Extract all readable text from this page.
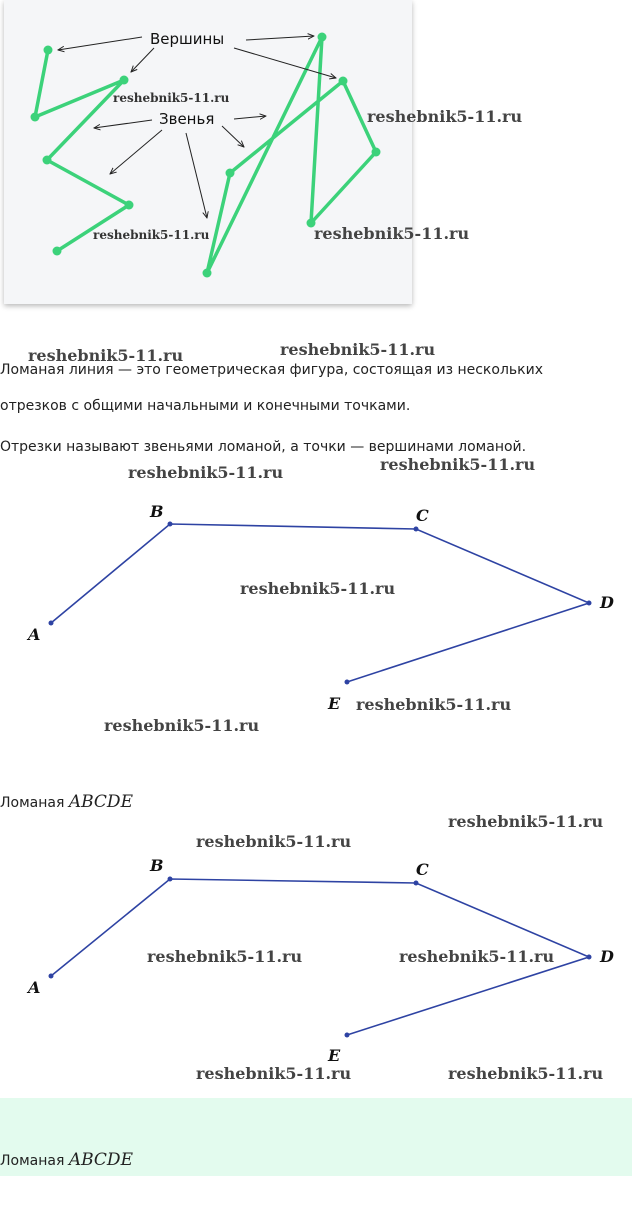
Вершины
Звенья
reshebnik5-11.ru
reshebnik5-11.ru
reshebnik5-11.ru	reshebnik5-11.ru
reshebnik5-11.ru	reshebnik5-11.ru
Ломаная линия — это геометрическая фигура, состоящая из нескольких
отрезков с общими начальными и конечными точками.
Отрезки называют звеньями ломаной, а точки — вершинами ломаной.
reshebnik5-11.ru	reshebnik5-11.ru
A
B	C
D
E
reshebnik5-11.ru
reshebnik5-11.ru
reshebnik5-11.ru
Ломаная ABCDE
reshebnik5-11.ru
reshebnik5-11.ru
A
B	C
D
E
reshebnik5-11.ru	reshebnik5-11.ru
reshebnik5-11.ru	reshebnik5-11.ru
Ломаная ABCDE
